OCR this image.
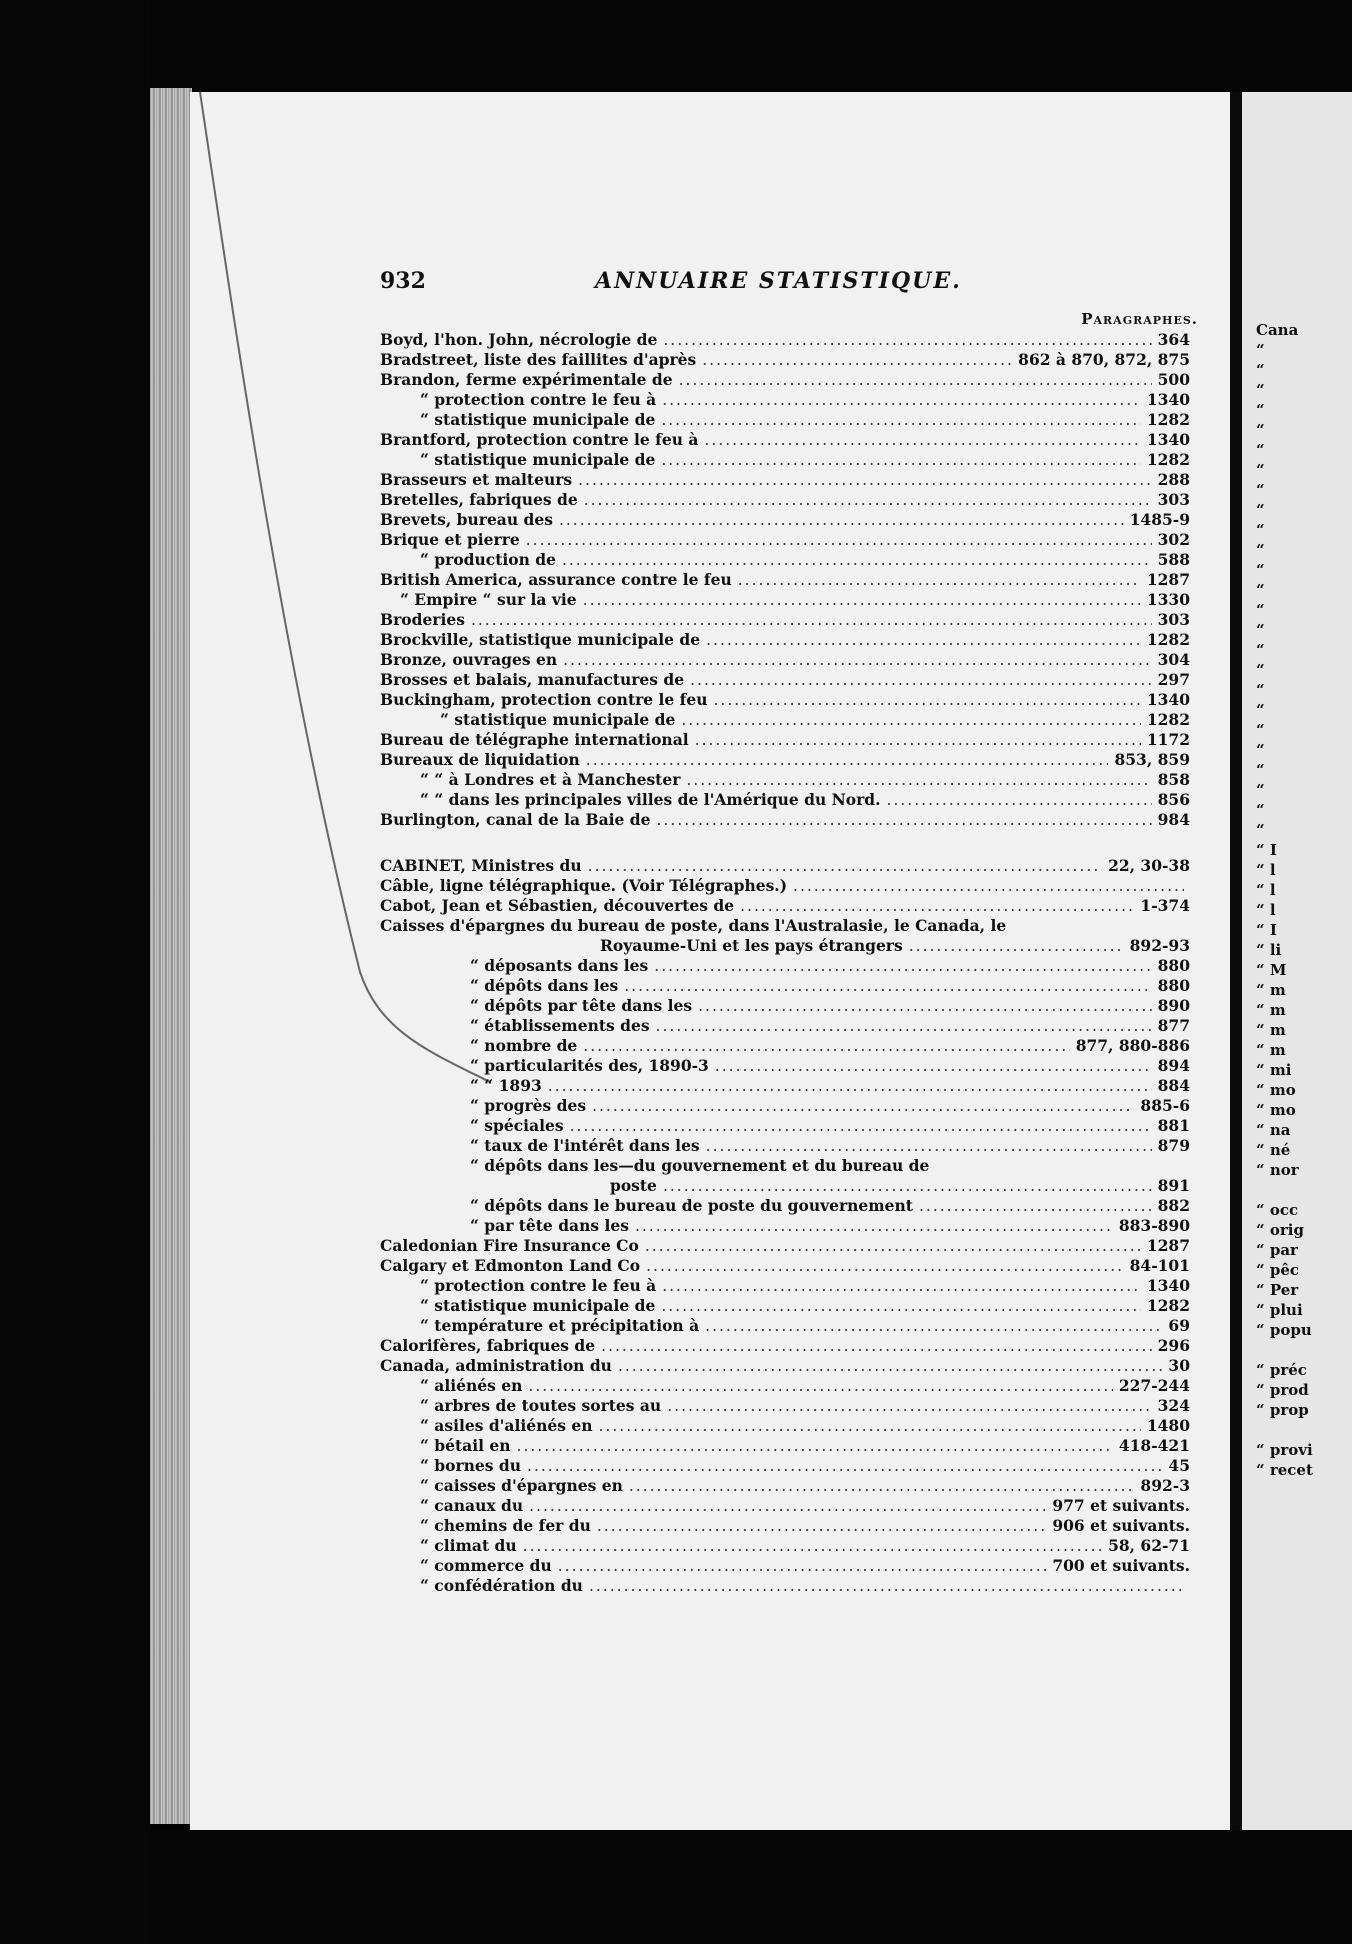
932	ANNUAIRE STATISTIQUE.
Paragraphes.
Boyd, l'hon. John, nécrologie de .....	364
Bradstreet, liste des faillites d'après .....	862 à 870, 872, 875
Brandon, ferme expérimentale de .....	500
“ protection contre le feu à .....	1340
“ statistique municipale de .....	1282
Brantford, protection contre le feu à .....	1340
“ statistique municipale de .....	1282
Brasseurs et malteurs .....	288
Bretelles, fabriques de .....	303
Brevets, bureau des .....	1485-9
Brique et pierre .....	302
“ production de .....	588
British America, assurance contre le feu .....	1287
“ Empire “ sur la vie .....	1330
Broderies .....	303
Brockville, statistique municipale de .....	1282
Bronze, ouvrages en .....	304
Brosses et balais, manufactures de .....	297
Buckingham, protection contre le feu .....	1340
“ statistique municipale de .....	1282
Bureau de télégraphe international .....	1172
Bureaux de liquidation .....	853, 859
“ “ à Londres et à Manchester .....	858
“ “ dans les principales villes de l'Amérique du Nord. .....	856
Burlington, canal de la Baie de .....	984
CABINET, Ministres du .....	22, 30-38
Câble, ligne télégraphique. (Voir Télégraphes.)
.....
Cabot, Jean et Sébastien, découvertes de .....	1-374
Caisses d'épargnes du bureau de poste, dans l'Australasie, le Canada, le
Royaume-Uni et les pays étrangers .....	892-93
“ déposants dans les .....	880
“ dépôts dans les .....	880
“ dépôts par tête dans les .....	890
“ établissements des .....	877
“ nombre de .....	877, 880-886
“ particularités des, 1890-3 .....	894
“ “ 1893 .....	884
“ progrès des .....	885-6
“ spéciales .....	881
“ taux de l'intérêt dans les .....	879
“ dépôts dans les—du gouvernement et du bureau de
poste .....	891
“ dépôts dans le bureau de poste du gouvernement .....	882
“ par tête dans les .....	883-890
Caledonian Fire Insurance Co .....	1287
Calgary et Edmonton Land Co .....	84-101
“ protection contre le feu à .....	1340
“ statistique municipale de .....	1282
“ température et précipitation à .....	69
Calorifères, fabriques de .....	296
Canada, administration du .....	30
“ aliénés en .....	227-244
“ arbres de toutes sortes au .....	324
“ asiles d'aliénés en .....	1480
“ bétail en .....	418-421
“ bornes du .....	45
“ caisses d'épargnes en .....	892-3
“ canaux du .....	977 et suivants.
“ chemins de fer du .....	906 et suivants.
“ climat du .....	58, 62-71
“ commerce du .....	700 et suivants.
“ confédération du
.....
Cana
“
“
“
“
“
“
“
“
“
“
“
“
“
“
“
“
“
“
“
“
“
“
“
“
“
“ I
“ l
“ l
“ l
“ I
“ li
“ M
“ m
“ m
“ m
“ m
“ mi
“ mo
“ mo
“ na
“ né
“ nor
“ occ
“ orig
“ par
“ pêc
“ Per
“ plui
“ popu
“ préc
“ prod
“ prop
“ provi
“ recet
